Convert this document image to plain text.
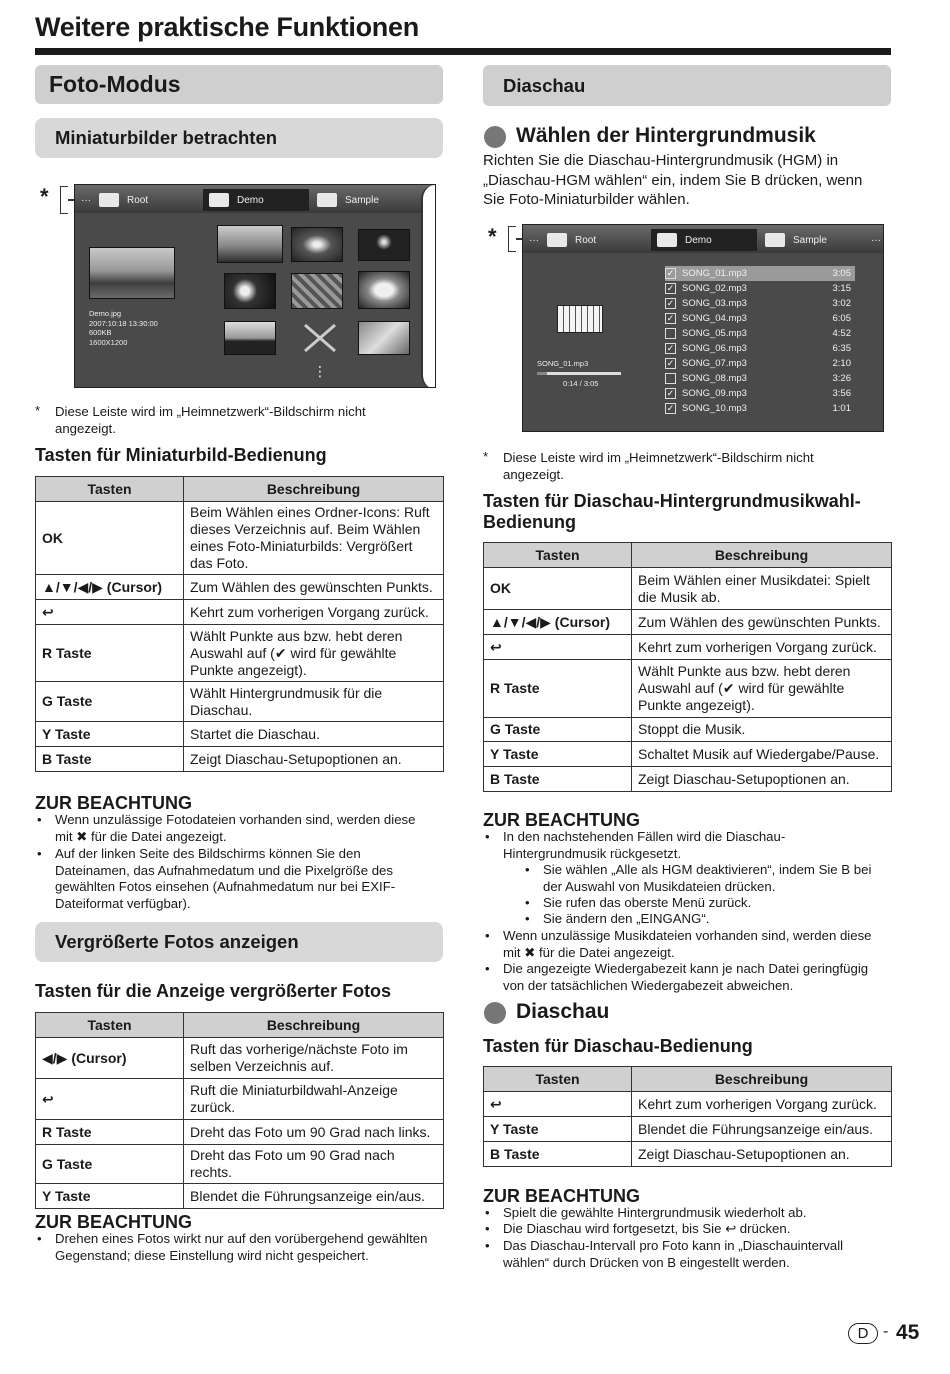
Weitere praktische Funktionen
Foto-Modus
Miniaturbilder betrachten
*	···	Root	Demo	Sample
Demo.jpg
2007:10:18 13:30:00
600KB
1600X1200
⋮
* Diese Leiste wird im „Heimnetzwerk“-Bildschirm nicht
angezeigt.
Tasten für Miniaturbild-Bedienung
Tasten	Beschreibung
OK	Beim Wählen eines Ordner-Icons: Ruft dieses Verzeichnis auf. Beim Wählen eines Foto-Miniaturbilds: Vergrößert das Foto.
▲/▼/◀/▶ (Cursor)	Zum Wählen des gewünschten Punkts.
↩	Kehrt zum vorherigen Vorgang zurück.
R Taste	Wählt Punkte aus bzw. hebt deren Auswahl auf (✔ wird für gewählte Punkte angezeigt).
G Taste	Wählt Hintergrundmusik für die Diaschau.
Y Taste	Startet die Diaschau.
B Taste	Zeigt Diaschau-Setupoptionen an.
ZUR BEACHTUNG
• Wenn unzulässige Fotodateien vorhanden sind, werden diese
mit ✖ für die Datei angezeigt.
• Auf der linken Seite des Bildschirms können Sie den
Dateinamen, das Aufnahmedatum und die Pixelgröße des
gewählten Fotos einsehen (Aufnahmedatum nur bei EXIF-
Dateiformat verfügbar).
Vergrößerte Fotos anzeigen
Tasten für die Anzeige vergrößerter Fotos
Tasten	Beschreibung
◀/▶ (Cursor)	Ruft das vorherige/nächste Foto im selben Verzeichnis auf.
↩	Ruft die Miniaturbildwahl-Anzeige zurück.
R Taste	Dreht das Foto um 90 Grad nach links.
G Taste	Dreht das Foto um 90 Grad nach rechts.
Y Taste	Blendet die Führungsanzeige ein/aus.
ZUR BEACHTUNG
• Drehen eines Fotos wirkt nur auf den vorübergehend gewählten
Gegenstand; diese Einstellung wird nicht gespeichert.
Diaschau
Wählen der Hintergrundmusik
Richten Sie die Diaschau-Hintergrundmusik (HGM) in
„Diaschau-HGM wählen“ ein, indem Sie B drücken, wenn
Sie Foto-Miniaturbilder wählen.
*	···	Root	Demo	Sample	···
SONG_01.mp3
0:14 / 3:05
✓ SONG_01.mp3	3:05
✓ SONG_02.mp3	3:15
✓ SONG_03.mp3	3:02
✓ SONG_04.mp3	6:05
SONG_05.mp3	4:52
✓ SONG_06.mp3	6:35
✓ SONG_07.mp3	2:10
SONG_08.mp3	3:26
✓ SONG_09.mp3	3:56
✓ SONG_10.mp3	1:01
* Diese Leiste wird im „Heimnetzwerk“-Bildschirm nicht
angezeigt.
Tasten für Diaschau-Hintergrundmusikwahl-
Bedienung
Tasten	Beschreibung
OK	Beim Wählen einer Musikdatei: Spielt die Musik ab.
▲/▼/◀/▶ (Cursor)	Zum Wählen des gewünschten Punkts.
↩	Kehrt zum vorherigen Vorgang zurück.
R Taste	Wählt Punkte aus bzw. hebt deren Auswahl auf (✔ wird für gewählte Punkte angezeigt).
G Taste	Stoppt die Musik.
Y Taste	Schaltet Musik auf Wiedergabe/Pause.
B Taste	Zeigt Diaschau-Setupoptionen an.
ZUR BEACHTUNG
• In den nachstehenden Fällen wird die Diaschau-
Hintergrundmusik rückgesetzt.
• Sie wählen „Alle als HGM deaktivieren“, indem Sie B bei
der Auswahl von Musikdateien drücken.
• Sie rufen das oberste Menü zurück.
• Sie ändern den „EINGANG“.
• Wenn unzulässige Musikdateien vorhanden sind, werden diese
mit ✖ für die Datei angezeigt.
• Die angezeigte Wiedergabezeit kann je nach Datei geringfügig
von der tatsächlichen Wiedergabezeit abweichen.
Diaschau
Tasten für Diaschau-Bedienung
Tasten	Beschreibung
↩	Kehrt zum vorherigen Vorgang zurück.
Y Taste	Blendet die Führungsanzeige ein/aus.
B Taste	Zeigt Diaschau-Setupoptionen an.
ZUR BEACHTUNG
• Spielt die gewählte Hintergrundmusik wiederholt ab.
• Die Diaschau wird fortgesetzt, bis Sie ↩ drücken.
• Das Diaschau-Intervall pro Foto kann in „Diaschauintervall
wählen“ durch Drücken von B eingestellt werden.
D - 45
